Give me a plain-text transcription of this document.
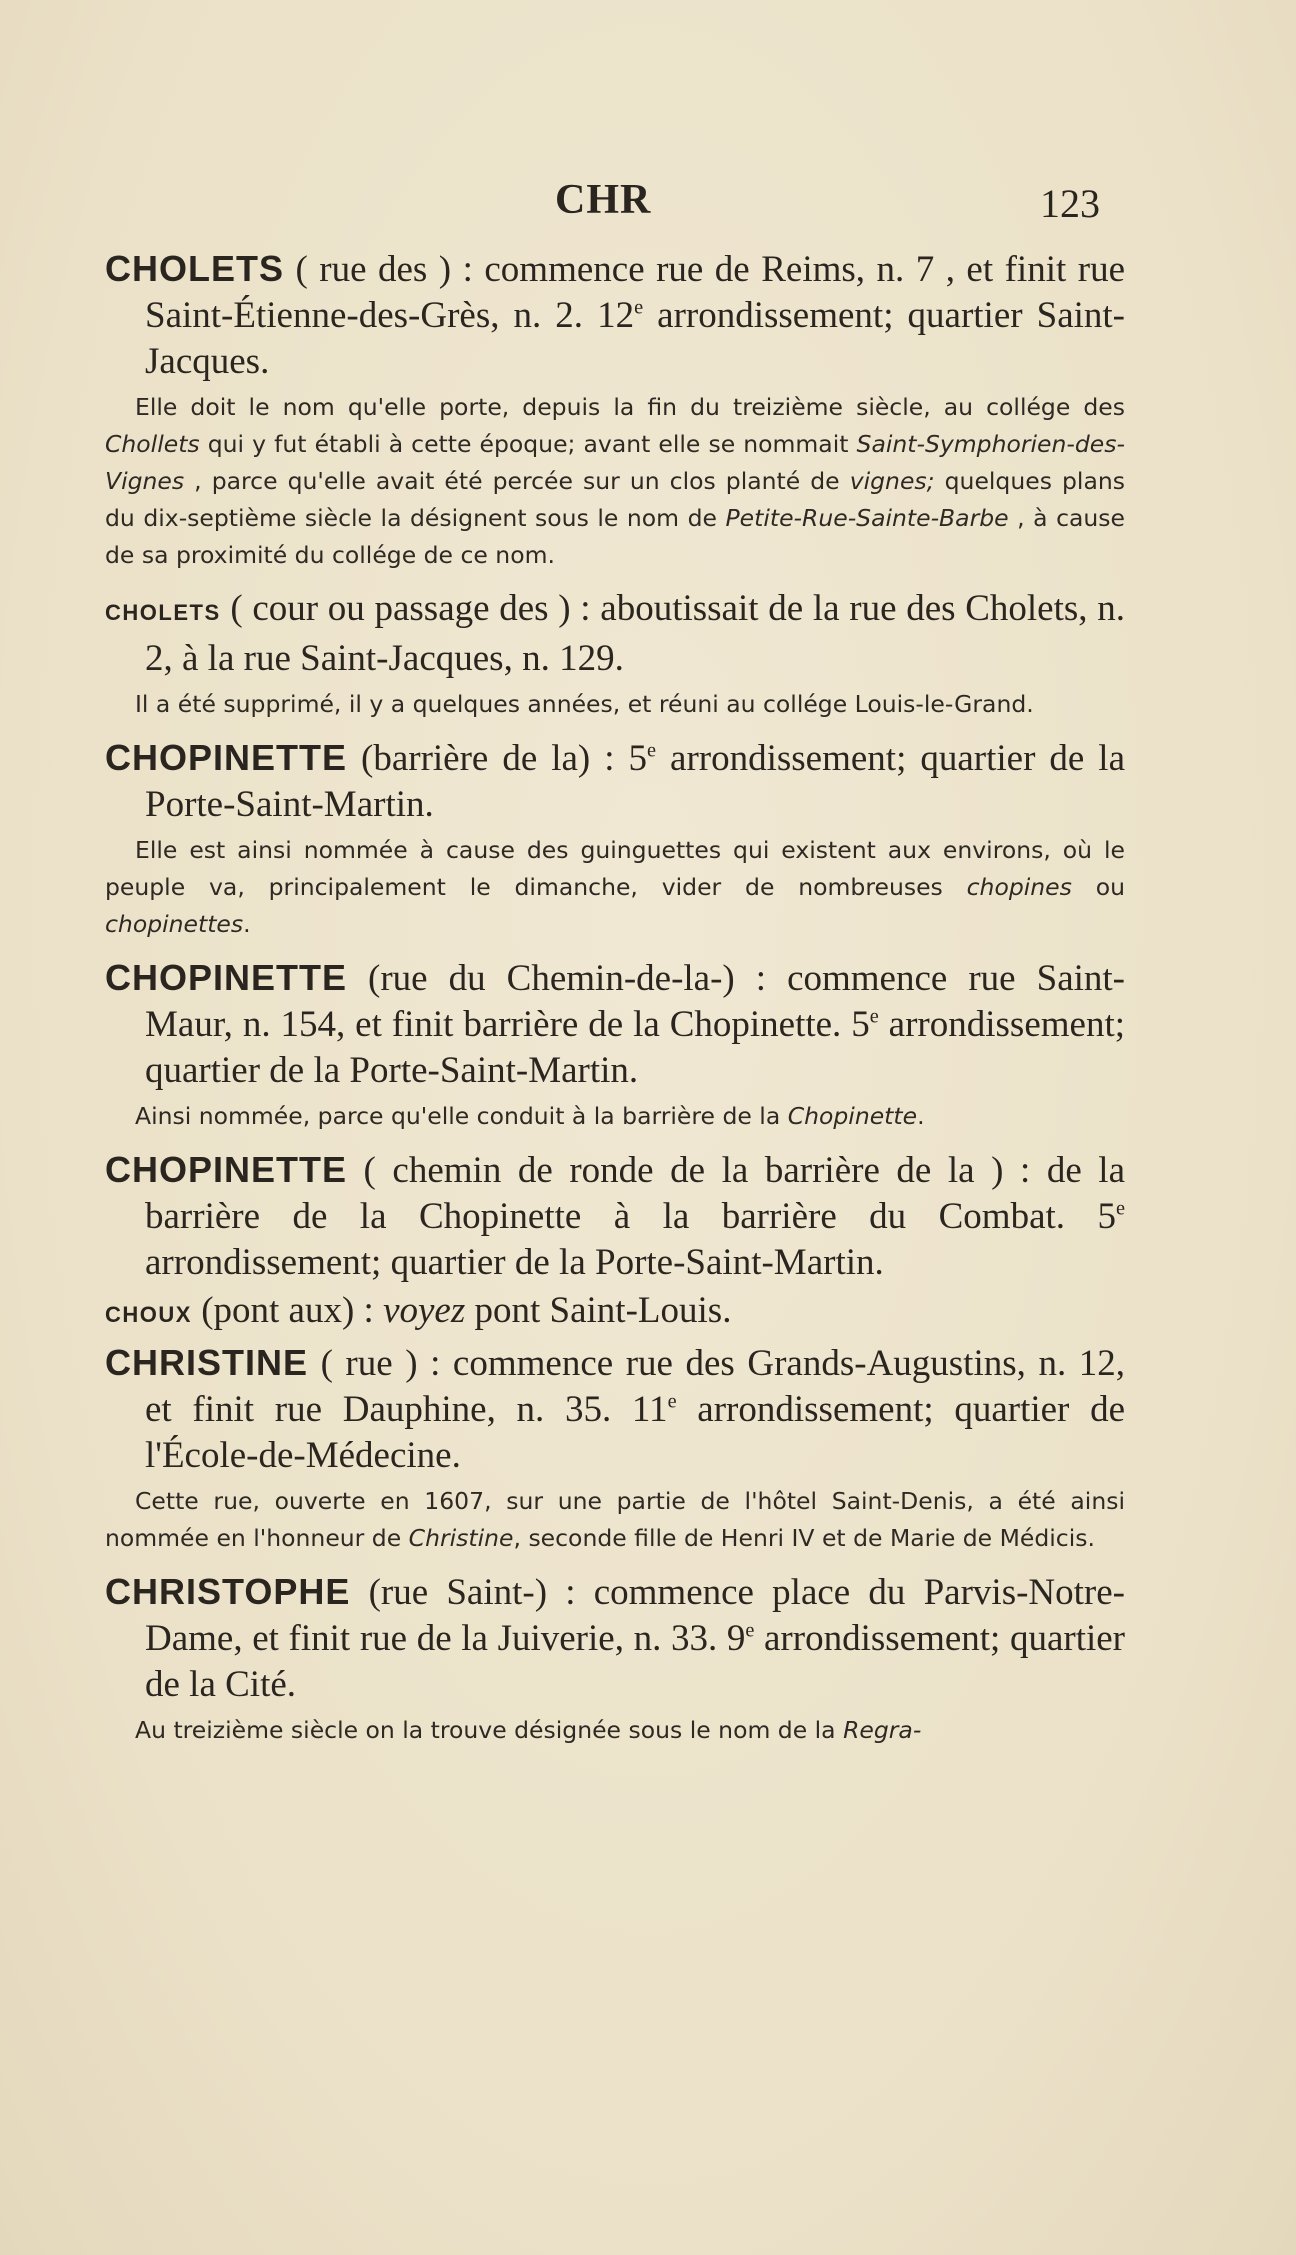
CHR	123

CHOLETS ( rue des ) : commence rue de Reims, n. 7 , et finit rue Saint-Étienne-des-Grès, n. 2. 12e arrondissement; quartier Saint-Jacques.

Elle doit le nom qu'elle porte, depuis la fin du treizième siècle, au collége des Chollets qui y fut établi à cette époque; avant elle se nommait Saint-Symphorien-des-Vignes , parce qu'elle avait été percée sur un clos planté de vignes; quelques plans du dix-septième siècle la désignent sous le nom de Petite-Rue-Sainte-Barbe , à cause de sa proximité du collége de ce nom.

CHOLETS ( cour ou passage des ) : aboutissait de la rue des Cholets, n. 2, à la rue Saint-Jacques, n. 129.

Il a été supprimé, il y a quelques années, et réuni au collége Louis-le-Grand.

CHOPINETTE (barrière de la) : 5e arrondissement; quartier de la Porte-Saint-Martin.

Elle est ainsi nommée à cause des guinguettes qui existent aux environs, où le peuple va, principalement le dimanche, vider de nombreuses chopines ou chopinettes.

CHOPINETTE (rue du Chemin-de-la-) : commence rue Saint-Maur, n. 154, et finit barrière de la Chopinette. 5e arrondissement; quartier de la Porte-Saint-Martin.

Ainsi nommée, parce qu'elle conduit à la barrière de la Chopinette.

CHOPINETTE ( chemin de ronde de la barrière de la ) : de la barrière de la Chopinette à la barrière du Combat. 5e arrondissement; quartier de la Porte-Saint-Martin.

CHOUX (pont aux) : voyez pont Saint-Louis.

CHRISTINE ( rue ) : commence rue des Grands-Augustins, n. 12, et finit rue Dauphine, n. 35. 11e arrondissement; quartier de l'École-de-Médecine.

Cette rue, ouverte en 1607, sur une partie de l'hôtel Saint-Denis, a été ainsi nommée en l'honneur de Christine, seconde fille de Henri IV et de Marie de Médicis.

CHRISTOPHE (rue Saint-) : commence place du Parvis-Notre-Dame, et finit rue de la Juiverie, n. 33. 9e arrondissement; quartier de la Cité.

Au treizième siècle on la trouve désignée sous le nom de la Regra-
